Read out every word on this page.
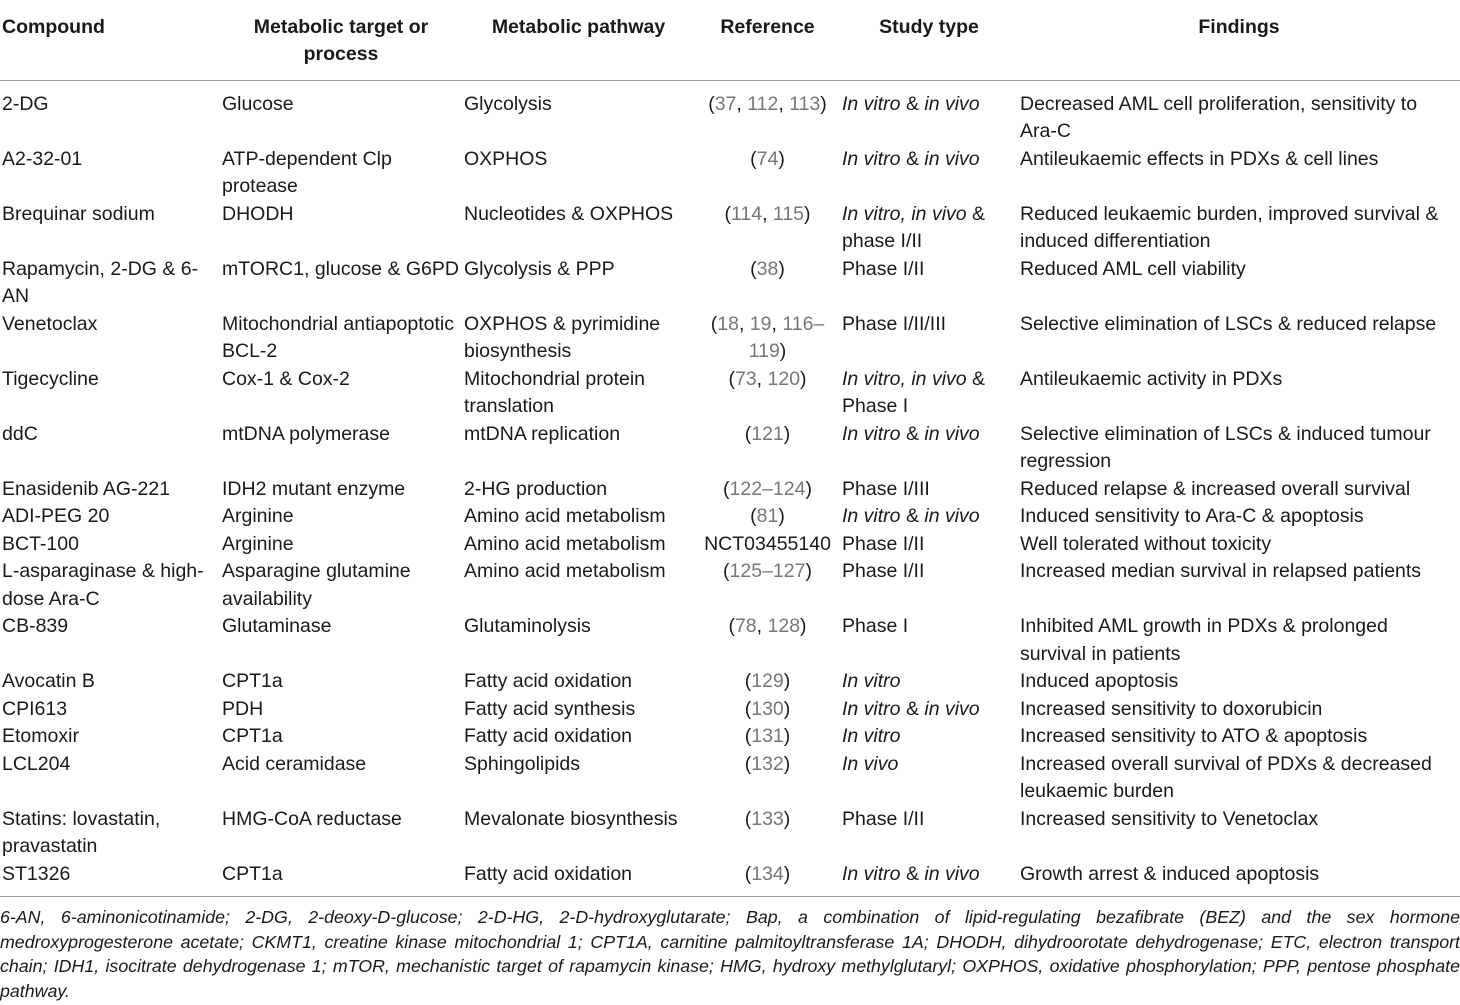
Compound	Metabolic target or process	Metabolic pathway	Reference	Study type	Findings
2-DG	Glucose	Glycolysis	(37, 112, 113)	In vitro & in vivo	Decreased AML cell proliferation, sensitivity to Ara-C
A2-32-01	ATP-dependent Clp protease	OXPHOS	(74)	In vitro & in vivo	Antileukaemic effects in PDXs & cell lines
Brequinar sodium	DHODH	Nucleotides & OXPHOS	(114, 115)	In vitro, in vivo & phase I/II	Reduced leukaemic burden, improved survival & induced differentiation
Rapamycin, 2-DG & 6-AN	mTORC1, glucose & G6PD	Glycolysis & PPP	(38)	Phase I/II	Reduced AML cell viability
Venetoclax	Mitochondrial antiapoptotic BCL-2	OXPHOS & pyrimidine biosynthesis	(18, 19, 116–119)	Phase I/II/III	Selective elimination of LSCs & reduced relapse
Tigecycline	Cox-1 & Cox-2	Mitochondrial protein translation	(73, 120)	In vitro, in vivo & Phase I	Antileukaemic activity in PDXs
ddC	mtDNA polymerase	mtDNA replication	(121)	In vitro & in vivo	Selective elimination of LSCs & induced tumour regression
Enasidenib AG-221	IDH2 mutant enzyme	2-HG production	(122–124)	Phase I/III	Reduced relapse & increased overall survival
ADI-PEG 20	Arginine	Amino acid metabolism	(81)	In vitro & in vivo	Induced sensitivity to Ara-C & apoptosis
BCT-100	Arginine	Amino acid metabolism	NCT03455140	Phase I/II	Well tolerated without toxicity
L-asparaginase & high-dose Ara-C	Asparagine glutamine availability	Amino acid metabolism	(125–127)	Phase I/II	Increased median survival in relapsed patients
CB-839	Glutaminase	Glutaminolysis	(78, 128)	Phase I	Inhibited AML growth in PDXs & prolonged survival in patients
Avocatin B	CPT1a	Fatty acid oxidation	(129)	In vitro	Induced apoptosis
CPI613	PDH	Fatty acid synthesis	(130)	In vitro & in vivo	Increased sensitivity to doxorubicin
Etomoxir	CPT1a	Fatty acid oxidation	(131)	In vitro	Increased sensitivity to ATO & apoptosis
LCL204	Acid ceramidase	Sphingolipids	(132)	In vivo	Increased overall survival of PDXs & decreased leukaemic burden
Statins: lovastatin, pravastatin	HMG-CoA reductase	Mevalonate biosynthesis	(133)	Phase I/II	Increased sensitivity to Venetoclax
ST1326	CPT1a	Fatty acid oxidation	(134)	In vitro & in vivo	Growth arrest & induced apoptosis
6-AN, 6-aminonicotinamide; 2-DG, 2-deoxy-D-glucose; 2-D-HG, 2-D-hydroxyglutarate; Bap, a combination of lipid-regulating bezafibrate (BEZ) and the sex hormone medroxyprogesterone acetate; CKMT1, creatine kinase mitochondrial 1; CPT1A, carnitine palmitoyltransferase 1A; DHODH, dihydroorotate dehydrogenase; ETC, electron transport chain; IDH1, isocitrate dehydrogenase 1; mTOR, mechanistic target of rapamycin kinase; HMG, hydroxy methylglutaryl; OXPHOS, oxidative phosphorylation; PPP, pentose phosphate pathway.
